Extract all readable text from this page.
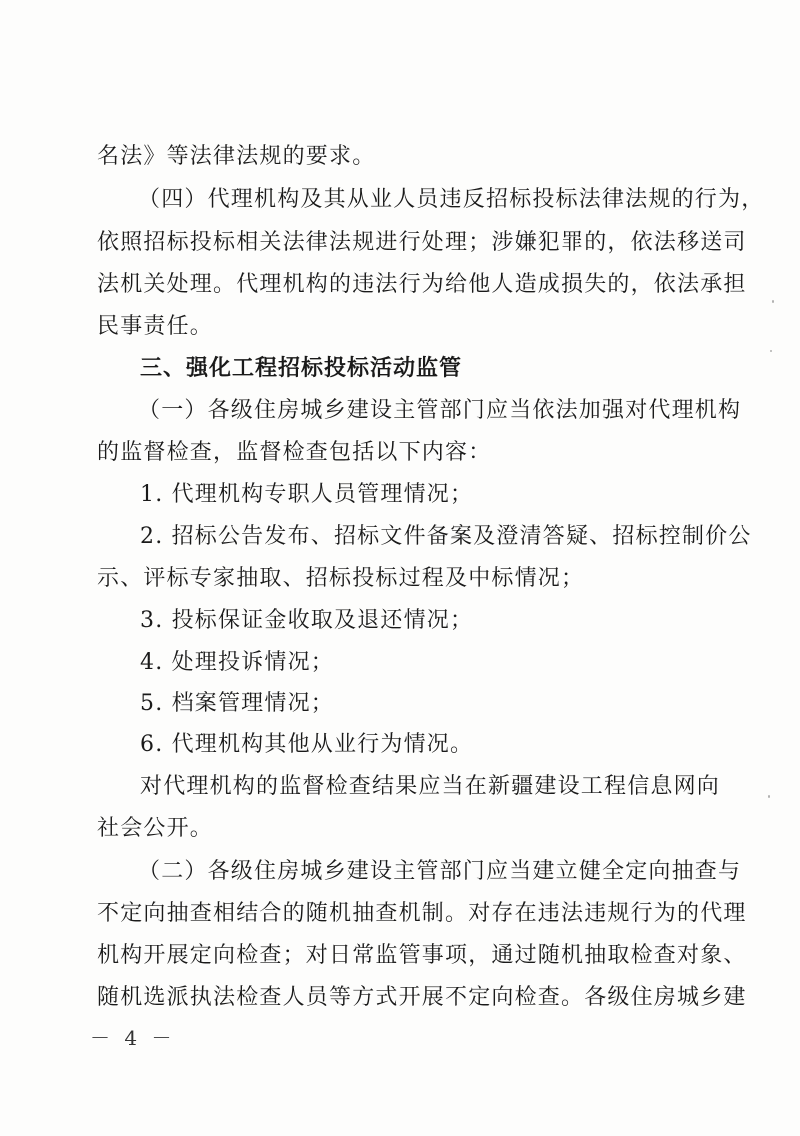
名法》等法律法规的要求。
（四）代理机构及其从业人员违反招标投标法律法规的行为，
依照招标投标相关法律法规进行处理；涉嫌犯罪的，依法移送司
法机关处理。代理机构的违法行为给他人造成损失的，依法承担
民事责任。
三、强化工程招标投标活动监管
（一）各级住房城乡建设主管部门应当依法加强对代理机构
的监督检查，监督检查包括以下内容：
1. 代理机构专职人员管理情况；
2. 招标公告发布、招标文件备案及澄清答疑、招标控制价公
示、评标专家抽取、招标投标过程及中标情况；
3. 投标保证金收取及退还情况；
4. 处理投诉情况；
5. 档案管理情况；
6. 代理机构其他从业行为情况。
对代理机构的监督检查结果应当在新疆建设工程信息网向
社会公开。
（二）各级住房城乡建设主管部门应当建立健全定向抽查与
不定向抽查相结合的随机抽查机制。对存在违法违规行为的代理
机构开展定向检查；对日常监管事项，通过随机抽取检查对象、
随机选派执法检查人员等方式开展不定向检查。各级住房城乡建
－ 4 －
